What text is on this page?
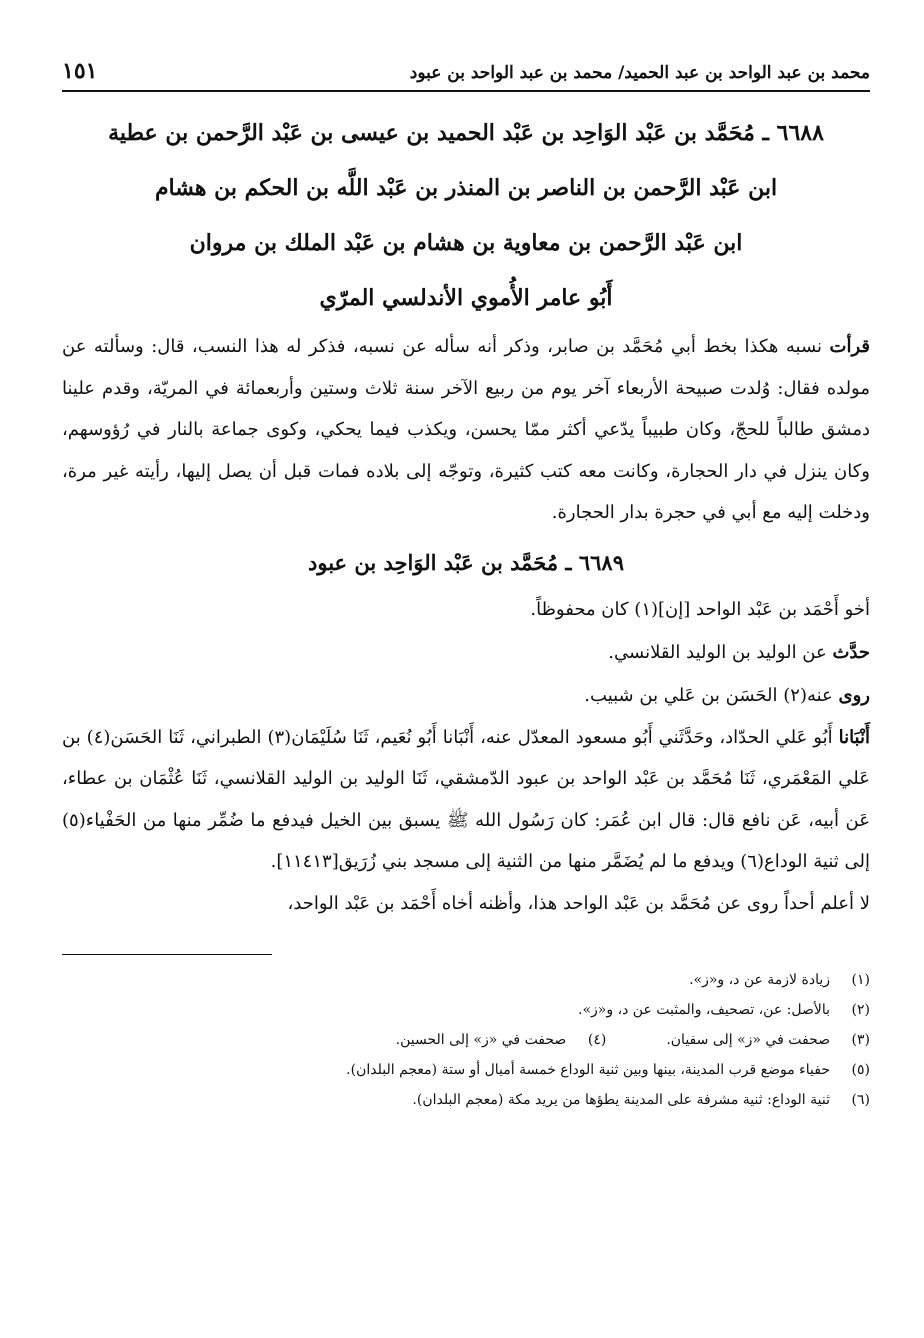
محمد بن عبد الواحد بن عبد الحميد/ محمد بن عبد الواحد بن عبود
١٥١
٦٦٨٨ ـ مُحَمَّد بن عَبْد الوَاحِد بن عَبْد الحميد بن عيسى بن عَبْد الرَّحمن بن عطية
ابن عَبْد الرَّحمن بن الناصر بن المنذر بن عَبْد اللَّه بن الحكم بن هشام
ابن عَبْد الرَّحمن بن معاوية بن هشام بن عَبْد الملك بن مروان
أَبُو عامر الأُموي الأندلسي المرّي

قرأت نسبه هكذا بخط أبي مُحَمَّد بن صابر، وذكر أنه سأله عن نسبه، فذكر له هذا النسب، قال: وسألته عن مولده فقال: وُلدت صبيحة الأربعاء آخر يوم من ربيع الآخر سنة ثلاث وستين وأربعمائة في المريّة، وقدم علينا دمشق طالباً للحجّ، وكان طبيباً يدّعي أكثر ممّا يحسن، ويكذب فيما يحكي، وكوى جماعة بالنار في رُؤوسهم، وكان ينزل في دار الحجارة، وكانت معه كتب كثيرة، وتوجّه إلى بلاده فمات قبل أن يصل إليها، رأيته غير مرة، ودخلت إليه مع أبي في حجرة بدار الحجارة.

٦٦٨٩ ـ مُحَمَّد بن عَبْد الوَاحِد بن عبود

أخو أَحْمَد بن عَبْد الواحد [إن](١) كان محفوظاً.

حدَّث عن الوليد بن الوليد القلانسي.

روى عنه(٢) الحَسَن بن عَلي بن شبيب.

أَنْبَانا أَبُو عَلي الحدّاد، وحَدَّثَني أَبُو مسعود المعدّل عنه، أَنْبَانا أَبُو نُعَيم، ثَنَا سُلَيْمَان(٣) الطبراني، ثَنَا الحَسَن(٤) بن عَلي المَعْمَري، ثَنَا مُحَمَّد بن عَبْد الواحد بن عبود الدّمشقي، ثَنَا الوليد بن الوليد القلانسي، ثَنَا عُثْمَان بن عطاء، عَن أبيه، عَن نافع قال: قال ابن عُمَر: كان رَسُول الله ﷺ يسبق بين الخيل فيدفع ما ضُمِّر منها من الحَفْياء(٥) إلى ثنية الوداع(٦) ويدفع ما لم يُضَمَّر منها من الثنية إلى مسجد بني زُرَيق[١١٤١٣].

لا أعلم أحداً روى عن مُحَمَّد بن عَبْد الواحد هذا، وأظنه أخاه أَحْمَد بن عَبْد الواحد،

(١)
زيادة لازمة عن د، و«ز».
(٢)
بالأصل: عن، تصحيف، والمثبت عن د، و«ز».
(٣)
صحفت في «ز» إلى سفيان.
(٤)
صحفت في «ز» إلى الحسين.
(٥)
حفياء موضع قرب المدينة، بينها وبين ثنية الوداع خمسة أميال أو ستة (معجم البلدان).
(٦)
ثنية الوداع: ثنية مشرفة على المدينة يطؤها من يريد مكة (معجم البلدان).
